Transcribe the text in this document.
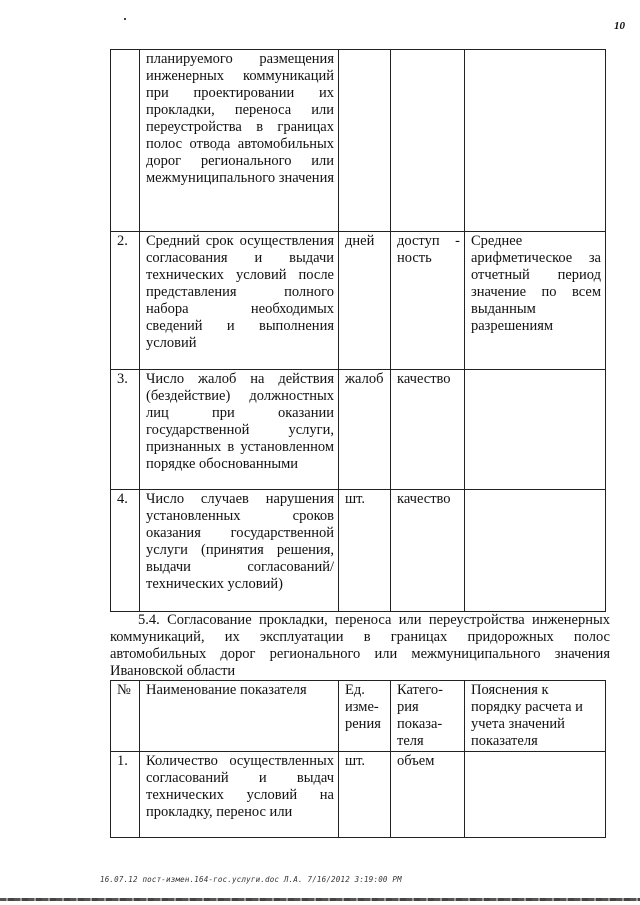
10
	планируемого размещения инженерных коммуникаций при проектировании их прокладки, переноса или переустройства в границах полос отвода автомобильных дорог регионального или межмуниципального значения			
2.	Средний срок осуществления согласования и выдачи технических условий после представления полного набора необходимых сведений и выполнения условий	дней	доступ - ность	Среднее арифметическое за отчетный период значение по всем выданным разрешениям
3.	Число жалоб на действия (бездействие) должностных лиц при оказании государственной услуги, признанных в установленном порядке обоснованными	жалоб	качество	
4.	Число случаев нарушения установленных сроков оказания государственной услуги (принятия решения, выдачи согласований/технических условий)	шт.	качество	
5.4. Согласование прокладки, переноса или переустройства инженерных коммуникаций, их эксплуатации в границах придорожных полос автомобильных дорог регионального или межмуниципального значения Ивановской области
№	Наименование показателя	Ед. изме- рения	Катего- рия показа- теля	Пояснения к порядку расчета и учета значений показателя
1.	Количество осуществленных согласований и выдач технических условий на прокладку, перенос или	шт.	объем	
16.07.12 пост-измен.164-гос.услуги.doc Л.А. 7/16/2012 3:19:00 PM
